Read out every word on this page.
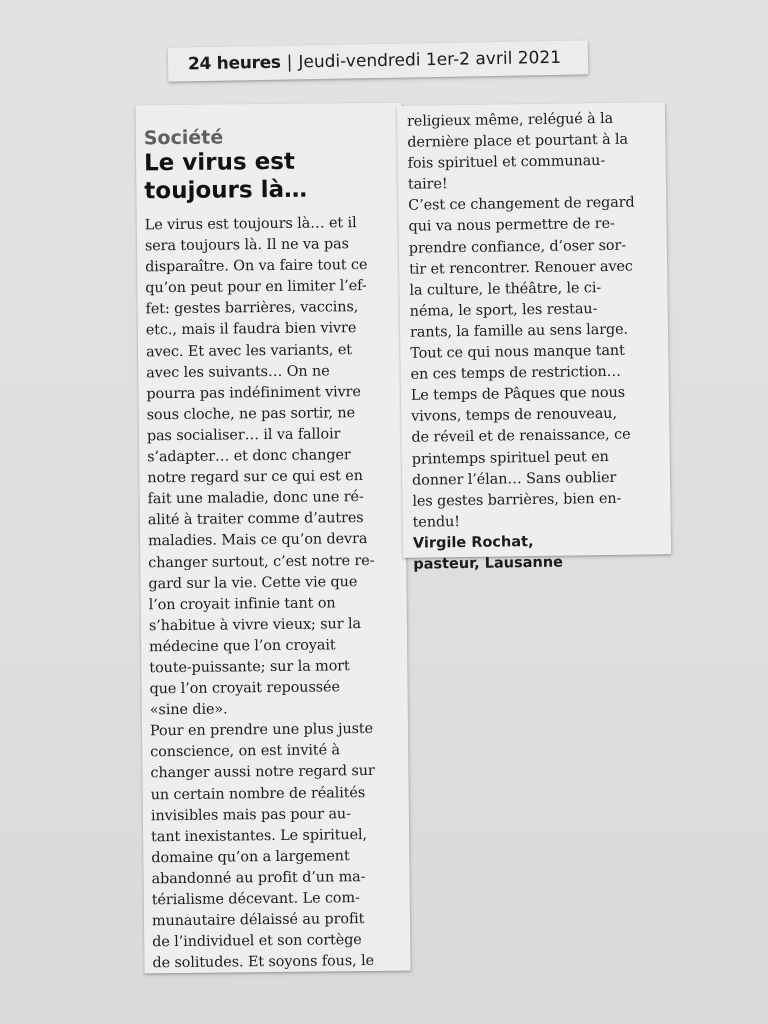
24 heures | Jeudi-vendredi 1er-2 avril 2021
Société
Le virus est
toujours là…

Le virus est toujours là… et il

sera toujours là. Il ne va pas

disparaître. On va faire tout ce

qu’on peut pour en limiter l’ef-

fet: gestes barrières, vaccins,

etc., mais il faudra bien vivre

avec. Et avec les variants, et

avec les suivants… On ne

pourra pas indéfiniment vivre

sous cloche, ne pas sortir, ne

pas socialiser… il va falloir

s’adapter… et donc changer

notre regard sur ce qui est en

fait une maladie, donc une ré-

alité à traiter comme d’autres

maladies. Mais ce qu’on devra

changer surtout, c’est notre re-

gard sur la vie. Cette vie que

l’on croyait infinie tant on

s’habitue à vivre vieux; sur la

médecine que l’on croyait

toute-puissante; sur la mort

que l’on croyait repoussée

«sine die».

Pour en prendre une plus juste

conscience, on est invité à

changer aussi notre regard sur

un certain nombre de réalités

invisibles mais pas pour au-

tant inexistantes. Le spirituel,

domaine qu’on a largement

abandonné au profit d’un ma-

térialisme décevant. Le com-

munautaire délaissé au profit

de l’individuel et son cortège

de solitudes. Et soyons fous, le

religieux même, relégué à la

dernière place et pourtant à la

fois spirituel et communau-

taire!

C’est ce changement de regard

qui va nous permettre de re-

prendre confiance, d’oser sor-

tir et rencontrer. Renouer avec

la culture, le théâtre, le ci-

néma, le sport, les restau-

rants, la famille au sens large.

Tout ce qui nous manque tant

en ces temps de restriction…

Le temps de Pâques que nous

vivons, temps de renouveau,

de réveil et de renaissance, ce

printemps spirituel peut en

donner l’élan… Sans oublier

les gestes barrières, bien en-

tendu!

Virgile Rochat,
pasteur, Lausanne
